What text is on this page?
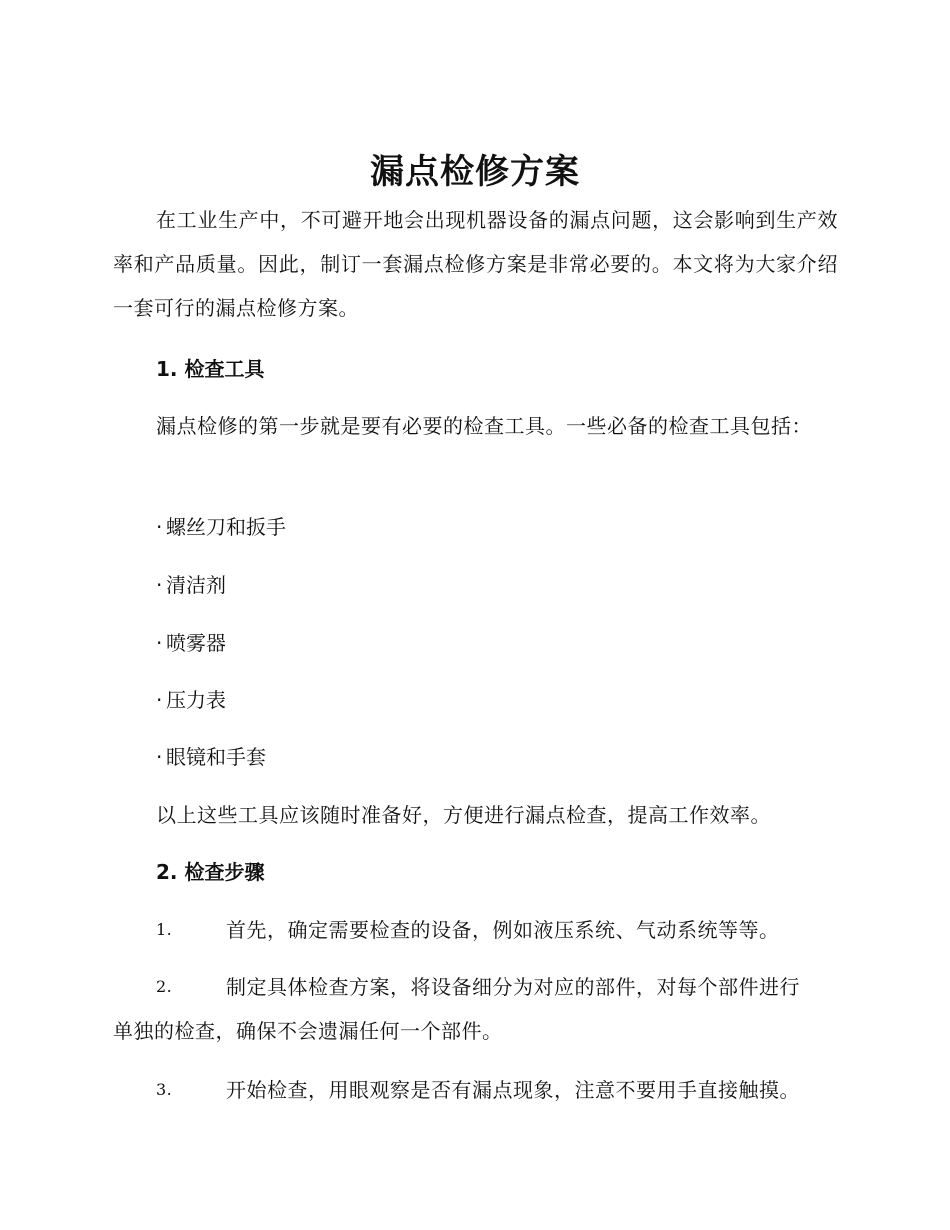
漏点检修方案
在工业生产中，不可避开地会出现机器设备的漏点问题，这会影响到生产效率和产品质量。因此，制订一套漏点检修方案是非常必要的。本文将为大家介绍一套可行的漏点检修方案。
1. 检查工具
漏点检修的第一步就是要有必要的检查工具。一些必备的检查工具包括：
· 螺丝刀和扳手
· 清洁剂
· 喷雾器
· 压力表
· 眼镜和手套
以上这些工具应该随时准备好，方便进行漏点检查，提高工作效率。
2. 检查步骤
1.	首先，确定需要检查的设备，例如液压系统、气动系统等等。
2.	制定具体检查方案，将设备细分为对应的部件，对每个部件进行
单独的检查，确保不会遗漏任何一个部件。
3.	开始检查，用眼观察是否有漏点现象，注意不要用手直接触摸。
